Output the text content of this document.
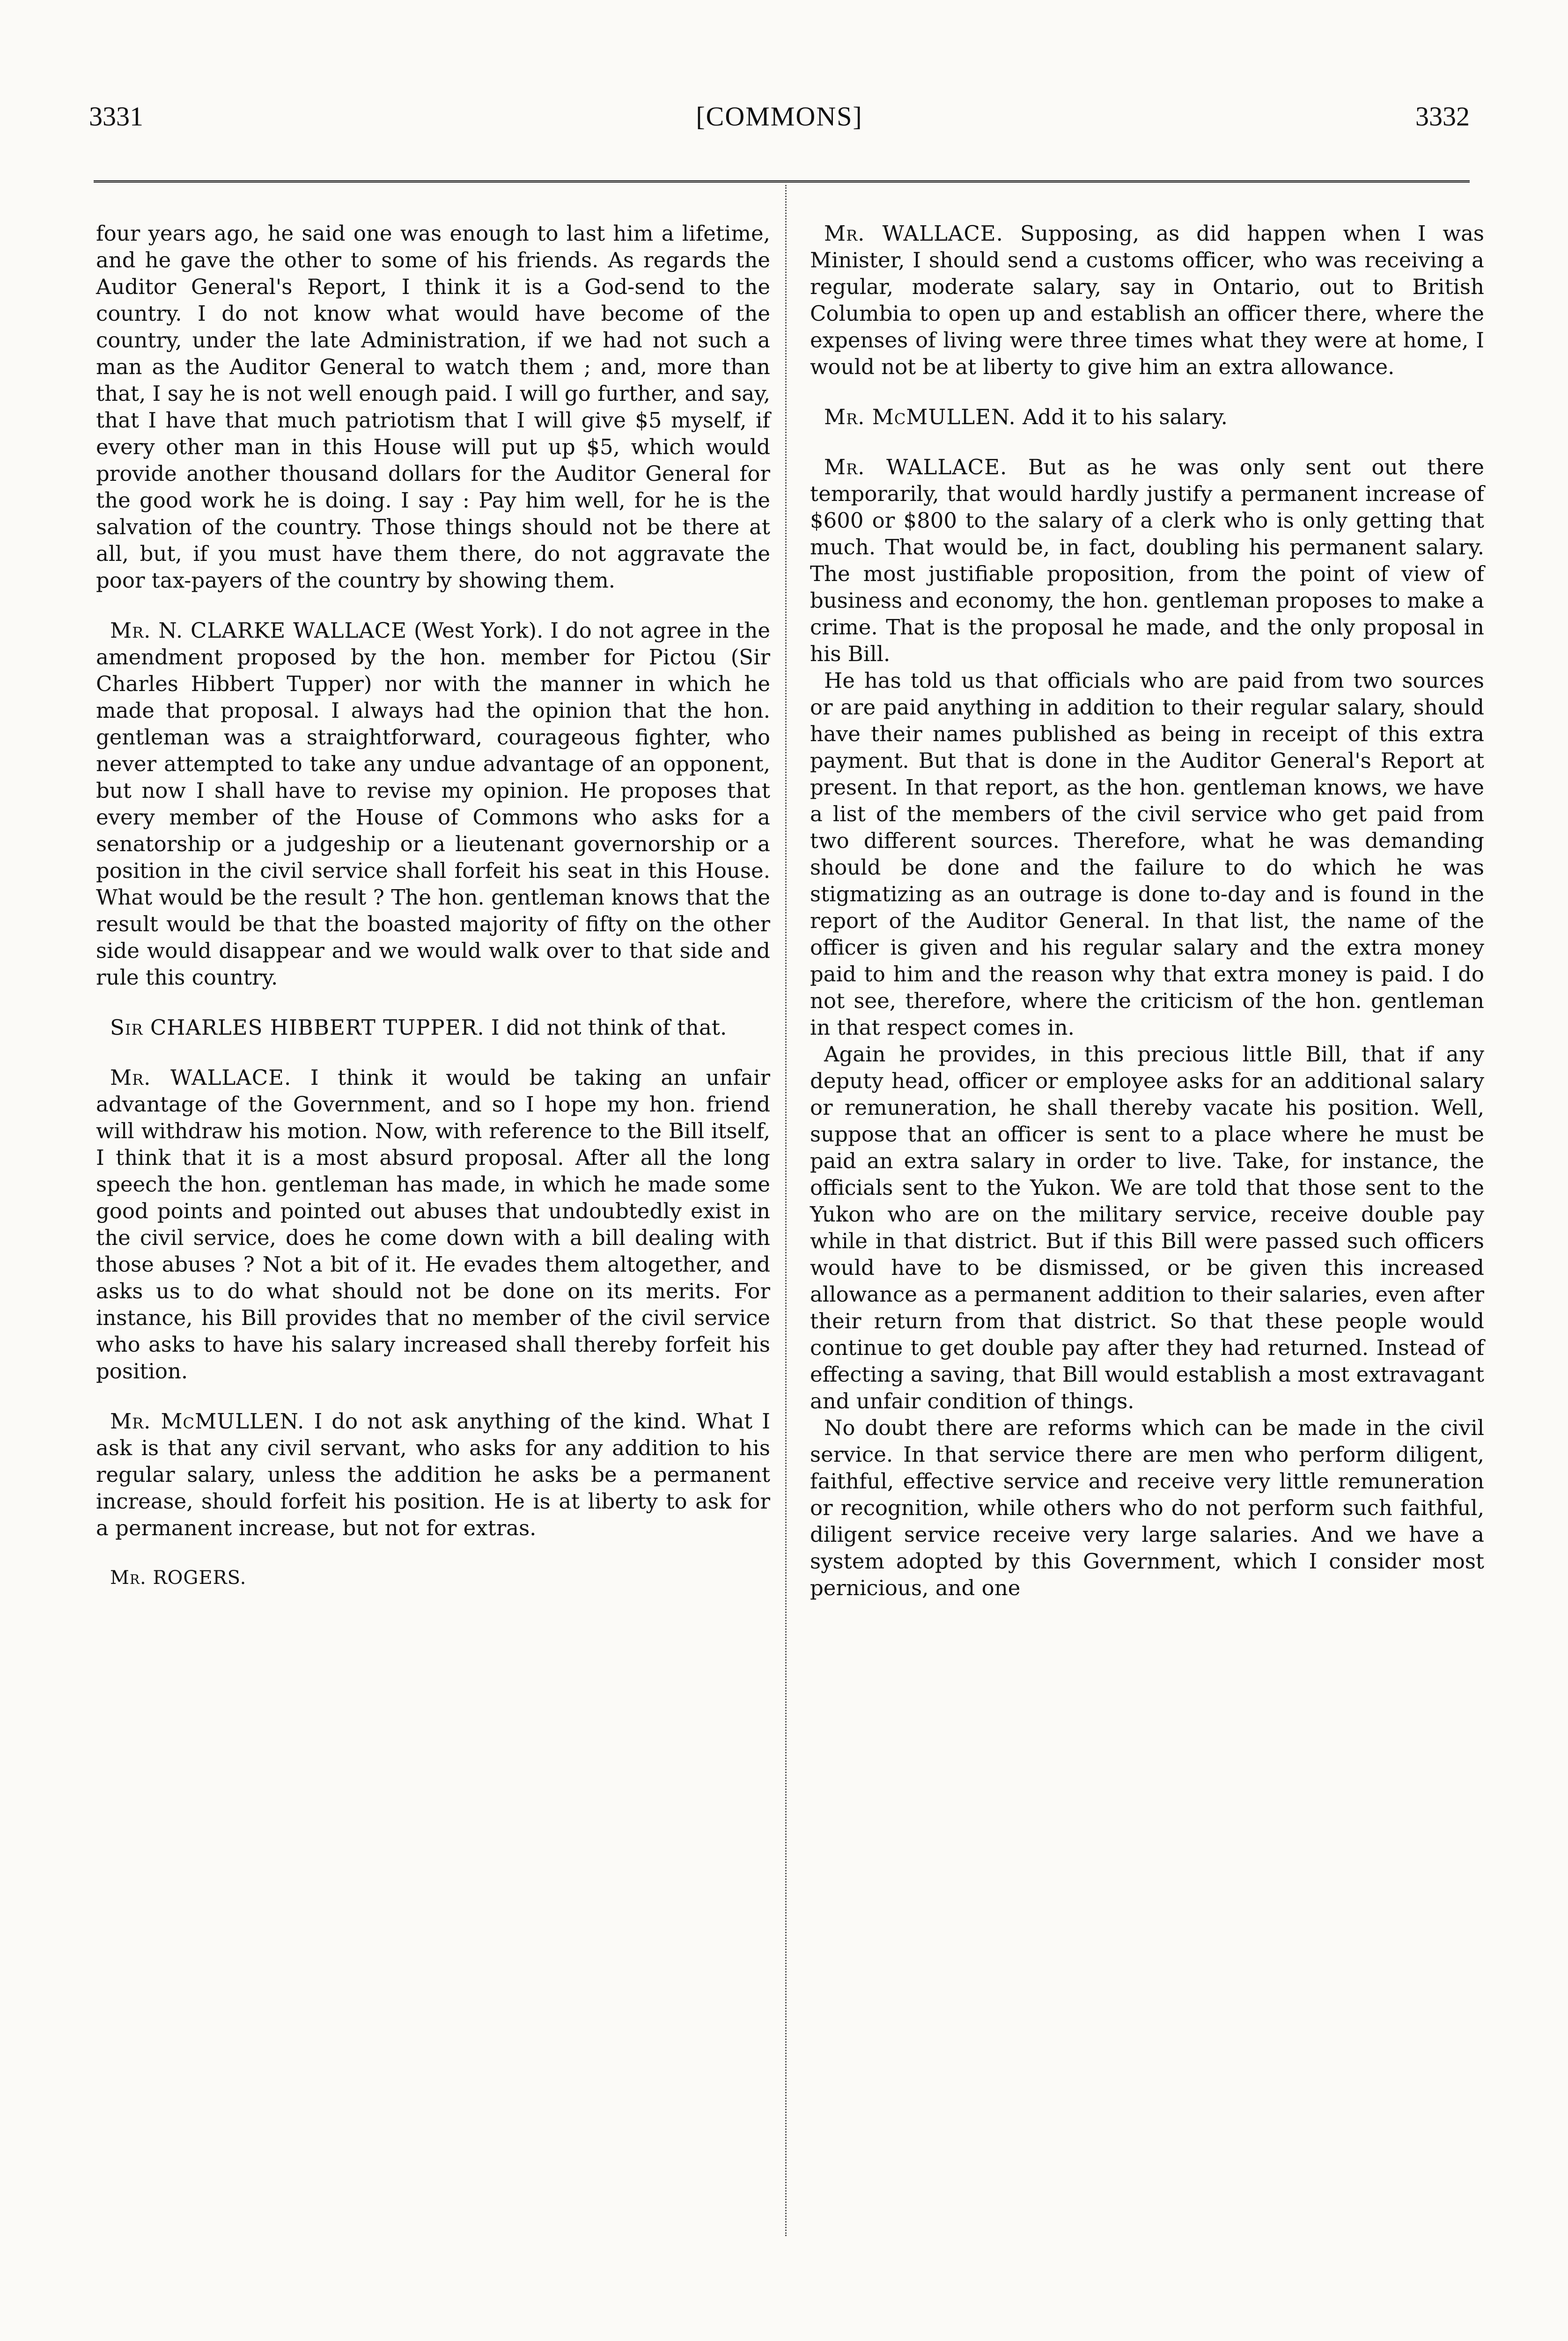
3331	[COMMONS]	3332

four years ago, he said one was enough to last him a lifetime, and he gave the other to some of his friends. As regards the Auditor General's Report, I think it is a God-send to the country. I do not know what would have become of the country, under the late Administration, if we had not such a man as the Auditor General to watch them ; and, more than that, I say he is not well enough paid. I will go further, and say, that I have that much patriotism that I will give $5 myself, if every other man in this House will put up $5, which would provide another thousand dollars for the Auditor General for the good work he is doing. I say : Pay him well, for he is the salvation of the country. Those things should not be there at all, but, if you must have them there, do not aggravate the poor tax-payers of the country by showing them.

Mr. N. CLARKE WALLACE (West York). I do not agree in the amendment proposed by the hon. member for Pictou (Sir Charles Hibbert Tupper) nor with the manner in which he made that proposal. I always had the opinion that the hon. gentleman was a straightforward, courageous fighter, who never attempted to take any undue advantage of an opponent, but now I shall have to revise my opinion. He proposes that every member of the House of Commons who asks for a senatorship or a judgeship or a lieutenant governorship or a position in the civil service shall forfeit his seat in this House. What would be the result ? The hon. gentleman knows that the result would be that the boasted majority of fifty on the other side would disappear and we would walk over to that side and rule this country.

Sir CHARLES HIBBERT TUPPER. I did not think of that.

Mr. WALLACE. I think it would be taking an unfair advantage of the Government, and so I hope my hon. friend will withdraw his motion. Now, with reference to the Bill itself, I think that it is a most absurd proposal. After all the long speech the hon. gentleman has made, in which he made some good points and pointed out abuses that undoubtedly exist in the civil service, does he come down with a bill dealing with those abuses ? Not a bit of it. He evades them altogether, and asks us to do what should not be done on its merits. For instance, his Bill provides that no member of the civil service who asks to have his salary increased shall thereby forfeit his position.

Mr. McMULLEN. I do not ask anything of the kind. What I ask is that any civil servant, who asks for any addition to his regular salary, unless the addition he asks be a permanent increase, should forfeit his position. He is at liberty to ask for a permanent increase, but not for extras.

Mr. ROGERS.

Mr. WALLACE. Supposing, as did happen when I was Minister, I should send a customs officer, who was receiving a regular, moderate salary, say in Ontario, out to British Columbia to open up and establish an officer there, where the expenses of living were three times what they were at home, I would not be at liberty to give him an extra allowance.

Mr. McMULLEN. Add it to his salary.

Mr. WALLACE. But as he was only sent out there temporarily, that would hardly justify a permanent increase of $600 or $800 to the salary of a clerk who is only getting that much. That would be, in fact, doubling his permanent salary. The most justifiable proposition, from the point of view of business and economy, the hon. gentleman proposes to make a crime. That is the proposal he made, and the only proposal in his Bill.

He has told us that officials who are paid from two sources or are paid anything in addition to their regular salary, should have their names published as being in receipt of this extra payment. But that is done in the Auditor General's Report at present. In that report, as the hon. gentleman knows, we have a list of the members of the civil service who get paid from two different sources. Therefore, what he was demanding should be done and the failure to do which he was stigmatizing as an outrage is done to-day and is found in the report of the Auditor General. In that list, the name of the officer is given and his regular salary and the extra money paid to him and the reason why that extra money is paid. I do not see, therefore, where the criticism of the hon. gentleman in that respect comes in.

Again he provides, in this precious little Bill, that if any deputy head, officer or employee asks for an additional salary or remuneration, he shall thereby vacate his position. Well, suppose that an officer is sent to a place where he must be paid an extra salary in order to live. Take, for instance, the officials sent to the Yukon. We are told that those sent to the Yukon who are on the military service, receive double pay while in that district. But if this Bill were passed such officers would have to be dismissed, or be given this increased allowance as a permanent addition to their salaries, even after their return from that district. So that these people would continue to get double pay after they had returned. Instead of effecting a saving, that Bill would establish a most extravagant and unfair condition of things.

No doubt there are reforms which can be made in the civil service. In that service there are men who perform diligent, faithful, effective service and receive very little remuneration or recognition, while others who do not perform such faithful, diligent service receive very large salaries. And we have a system adopted by this Government, which I consider most pernicious, and one
